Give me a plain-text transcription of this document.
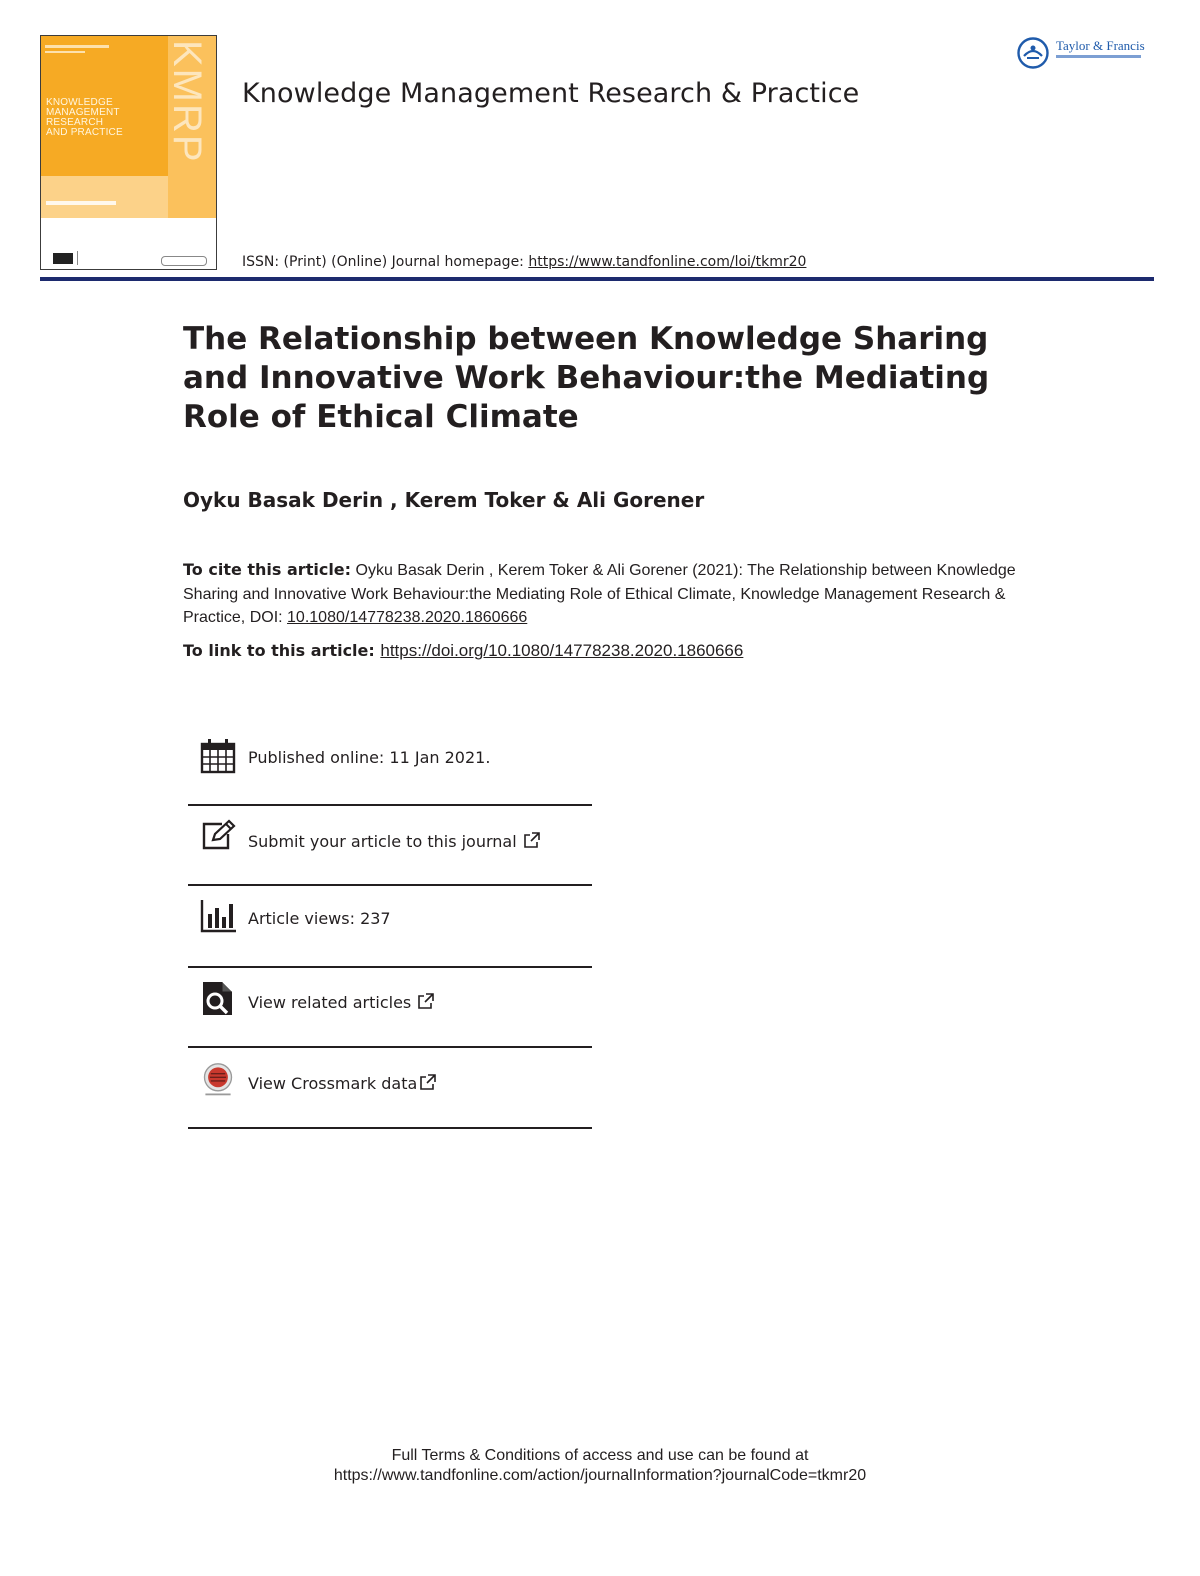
KNOWLEDGE
MANAGEMENT
RESEARCH
AND PRACTICE	KMRP Knowledge Management Research & Practice
ISSN: (Print) (Online) Journal homepage: https://www.tandfonline.com/loi/tkmr20
Taylor & Francis
The Relationship between Knowledge Sharing and Innovative Work Behaviour:the Mediating Role of Ethical Climate
Oyku Basak Derin , Kerem Toker & Ali Gorener
To cite this article: Oyku Basak Derin , Kerem Toker & Ali Gorener (2021): The Relationship between Knowledge Sharing and Innovative Work Behaviour:the Mediating Role of Ethical Climate, Knowledge Management Research & Practice, DOI: 10.1080/14778238.2020.1860666
To link to this article: https://doi.org/10.1080/14778238.2020.1860666
Published online: 11 Jan 2021.
Submit your article to this journal
Article views: 237
View related articles
View Crossmark data
Full Terms & Conditions of access and use can be found at
https://www.tandfonline.com/action/journalInformation?journalCode=tkmr20
